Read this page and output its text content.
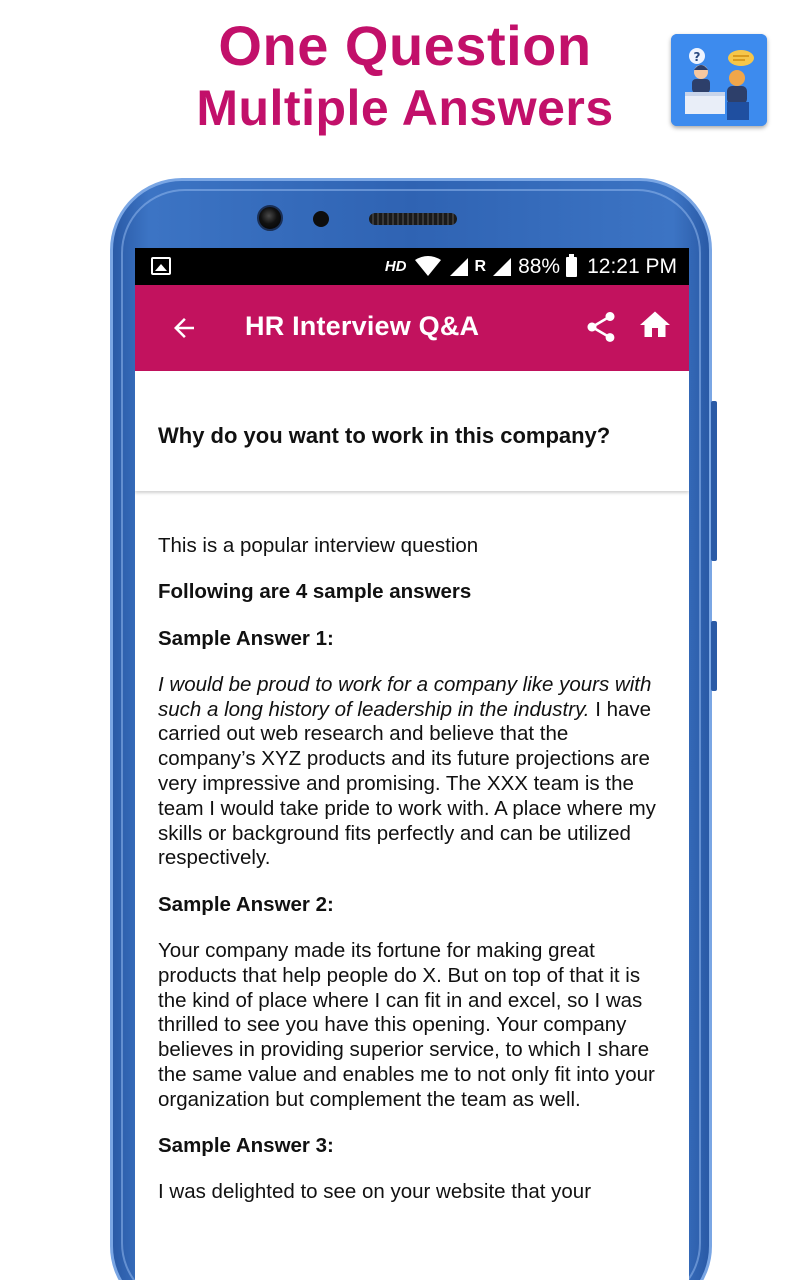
One Question
Multiple Answers
?
HD	R 88% 12:21 PM
HR Interview Q&A
Why do you want to work in this company?

This is a popular interview question

Following are 4 sample answers

Sample Answer 1:

I would be proud to work for a company like yours with such a long history of leadership in the industry. I have carried out web research and believe that the company’s XYZ products and its future projections are very impressive and promising. The XXX team is the team I would take pride to work with. A place where my skills or background fits perfectly and can be utilized respectively.

Sample Answer 2:

Your company made its fortune for making great products that help people do X. But on top of that it is the kind of place where I can fit in and excel, so I was thrilled to see you have this opening. Your company believes in providing superior service, to which I share the same value and enables me to not only fit into your organization but complement the team as well.

Sample Answer 3:

I was delighted to see on your website that your
